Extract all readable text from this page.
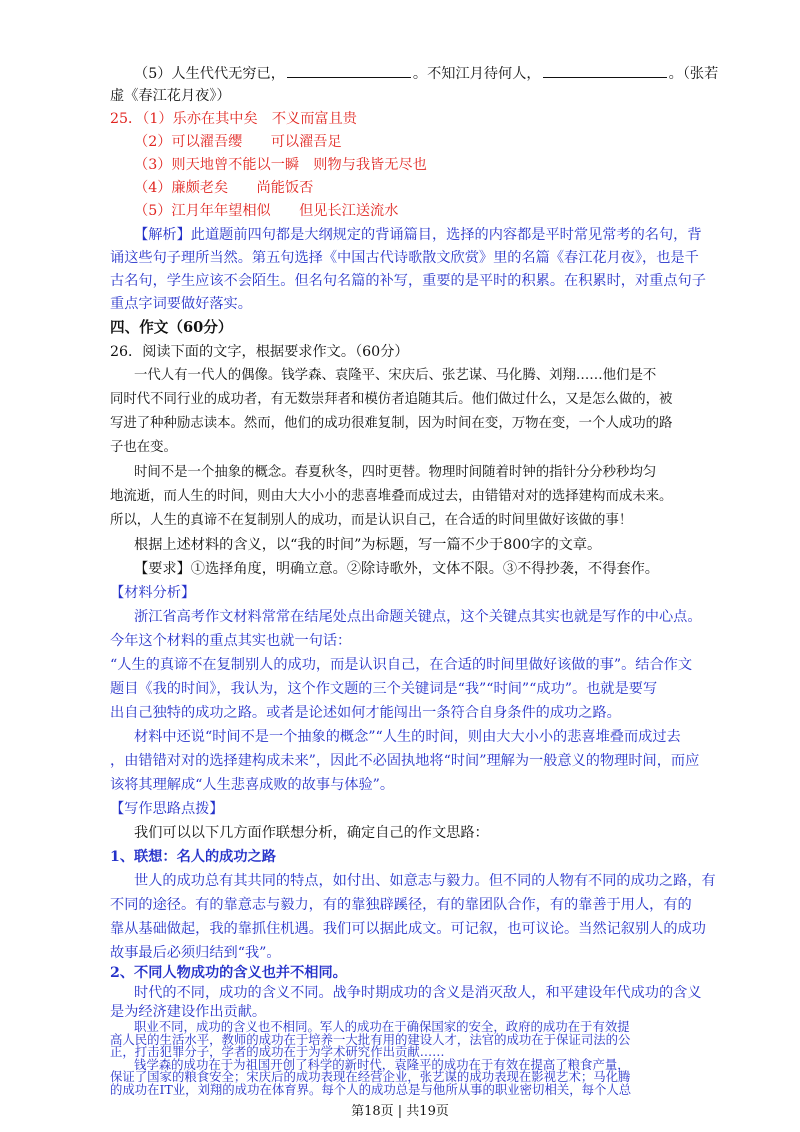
（5）人生代代无穷已，	。不知江月待何人，	。（张若
虚《春江花月夜》）
25．（1）乐亦在其中矣　不义而富且贵
（2）可以濯吾缨　　可以濯吾足
（3）则天地曾不能以一瞬　则物与我皆无尽也
（4）廉颇老矣　　尚能饭否
（5）江月年年望相似　　但见长江送流水
【解析】此道题前四句都是大纲规定的背诵篇目，选择的内容都是平时常见常考的名句，背
诵这些句子理所当然。第五句选择《中国古代诗歌散文欣赏》里的名篇《春江花月夜》，也是千
古名句，学生应该不会陌生。但名句名篇的补写，重要的是平时的积累。在积累时，对重点句子
重点字词要做好落实。
四、作文（60分）
26．阅读下面的文字，根据要求作文。（60分）
一代人有一代人的偶像。钱学森、袁隆平、宋庆后、张艺谋、马化腾、刘翔……他们是不
同时代不同行业的成功者，有无数崇拜者和模仿者追随其后。他们做过什么，又是怎么做的，被
写进了种种励志读本。然而，他们的成功很难复制，因为时间在变，万物在变，一个人成功的路
子也在变。
时间不是一个抽象的概念。春夏秋冬，四时更替。物理时间随着时钟的指针分分秒秒均匀
地流逝，而人生的时间，则由大大小小的悲喜堆叠而成过去，由错错对对的选择建构而成未来。
所以，人生的真谛不在复制别人的成功，而是认识自己，在合适的时间里做好该做的事！
根据上述材料的含义，以“我的时间”为标题，写一篇不少于800字的文章。
【要求】①选择角度，明确立意。②除诗歌外，文体不限。③不得抄袭，不得套作。
【材料分析】
浙江省高考作文材料常常在结尾处点出命题关键点，这个关键点其实也就是写作的中心点。
今年这个材料的重点其实也就一句话：
“人生的真谛不在复制别人的成功，而是认识自己，在合适的时间里做好该做的事”。结合作文
题目《我的时间》，我认为，这个作文题的三个关键词是“我”“时间”“成功”。也就是要写
出自己独特的成功之路。或者是论述如何才能闯出一条符合自身条件的成功之路。
材料中还说“时间不是一个抽象的概念”“人生的时间，则由大大小小的悲喜堆叠而成过去
，由错错对对的选择建构成未来”，因此不必固执地将“时间”理解为一般意义的物理时间，而应
该将其理解成“人生悲喜成败的故事与体验”。
【写作思路点拨】
我们可以以下几方面作联想分析，确定自己的作文思路：
1、联想：名人的成功之路
世人的成功总有其共同的特点，如付出、如意志与毅力。但不同的人物有不同的成功之路，有
不同的途径。有的靠意志与毅力，有的靠独辟蹊径，有的靠团队合作，有的靠善于用人，有的
靠从基础做起，我的靠抓住机遇。我们可以据此成文。可记叙，也可议论。当然记叙别人的成功
故事最后必须归结到“我”。
2、不同人物成功的含义也并不相同。
时代的不同，成功的含义不同。战争时期成功的含义是消灭敌人，和平建设年代成功的含义
是为经济建设作出贡献。
第18页 | 共19页
职业不同，成功的含义也不相同。军人的成功在于确保国家的安全，政府的成功在于有效提
高人民的生活水平，教师的成功在于培养一大批有用的建设人才，法官的成功在于保证司法的公
正，打击犯罪分子，学者的成功在于为学术研究作出贡献……
钱学森的成功在于为祖国开创了科学的新时代，袁隆平的成功在于有效在提高了粮食产量，
保证了国家的粮食安全；宋庆后的成功表现在经营企业，张艺谋的成功表现在影视艺术；马化腾
的成功在IT业，刘翔的成功在体育界。每个人的成功总是与他所从事的职业密切相关，每个人总
